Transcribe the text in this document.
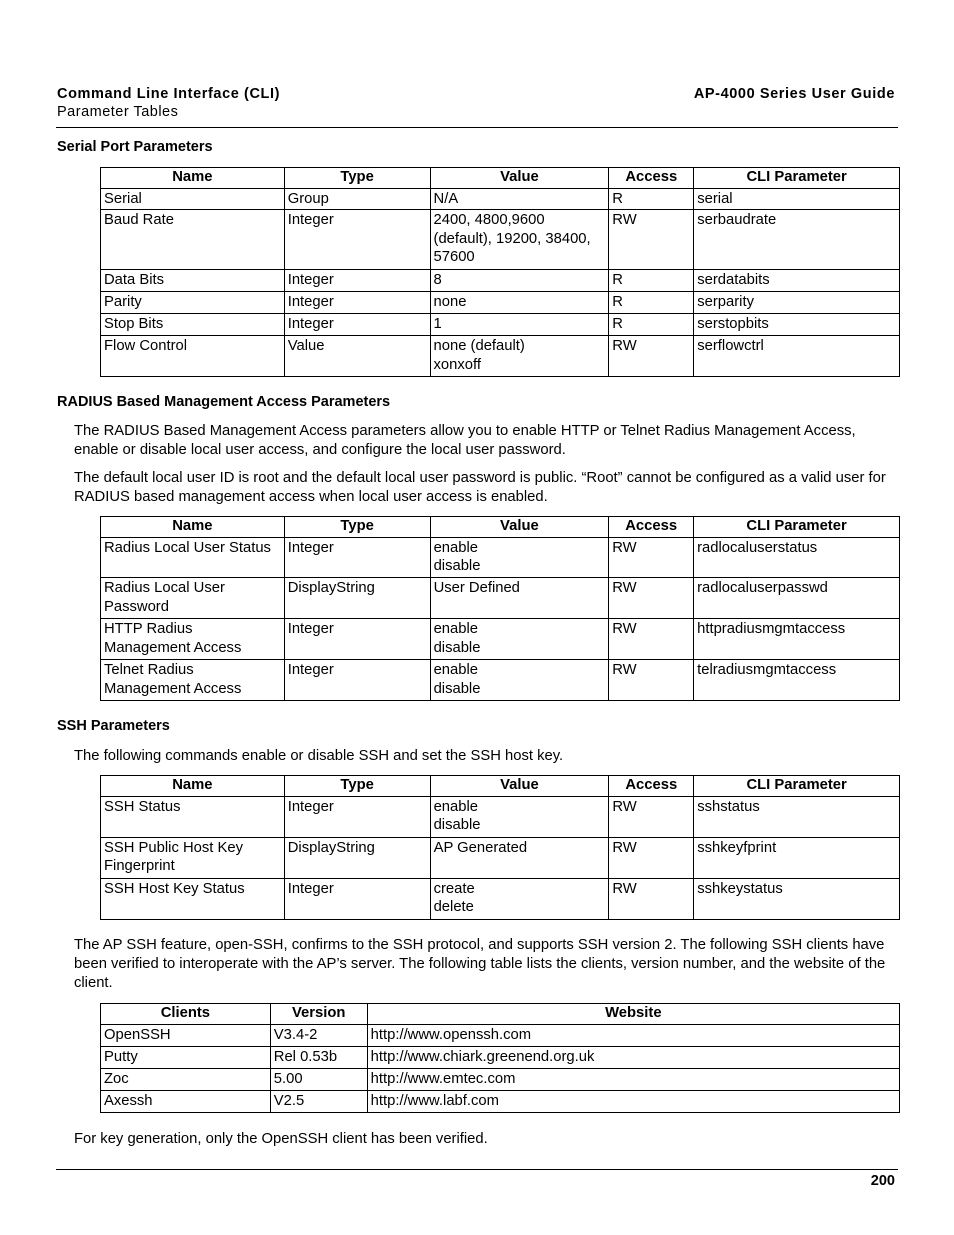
Command Line Interface (CLI)
Parameter Tables
AP-4000 Series User Guide
Serial Port Parameters
Name	Type	Value	Access	CLI Parameter
Serial	Group	N/A	R	serial
Baud Rate	Integer	2400, 4800,9600
(default), 19200, 38400,
57600	RW	serbaudrate
Data Bits	Integer	8	R	serdatabits
Parity	Integer	none	R	serparity
Stop Bits	Integer	1	R	serstopbits
Flow Control	Value	none (default)
xonxoff	RW	serflowctrl
RADIUS Based Management Access Parameters
The RADIUS Based Management Access parameters allow you to enable HTTP or Telnet Radius Management Access, enable or disable local user access, and configure the local user password.
The default local user ID is root and the default local user password is public. “Root” cannot be configured as a valid user for RADIUS based management access when local user access is enabled.
Name	Type	Value	Access	CLI Parameter
Radius Local User Status	Integer	enable
disable	RW	radlocaluserstatus
Radius Local User
Password	DisplayString	User Defined	RW	radlocaluserpasswd
HTTP Radius
Management Access	Integer	enable
disable	RW	httpradiusmgmtaccess
Telnet Radius
Management Access	Integer	enable
disable	RW	telradiusmgmtaccess
SSH Parameters
The following commands enable or disable SSH and set the SSH host key.
Name	Type	Value	Access	CLI Parameter
SSH Status	Integer	enable
disable	RW	sshstatus
SSH Public Host Key
Fingerprint	DisplayString	AP Generated	RW	sshkeyfprint
SSH Host Key Status	Integer	create
delete	RW	sshkeystatus
The AP SSH feature, open-SSH, confirms to the SSH protocol, and supports SSH version 2. The following SSH clients have been verified to interoperate with the AP’s server. The following table lists the clients, version number, and the website of the client.
Clients	Version	Website
OpenSSH	V3.4-2	http://www.openssh.com
Putty	Rel 0.53b	http://www.chiark.greenend.org.uk
Zoc	5.00	http://www.emtec.com
Axessh	V2.5	http://www.labf.com
For key generation, only the OpenSSH client has been verified.
200
